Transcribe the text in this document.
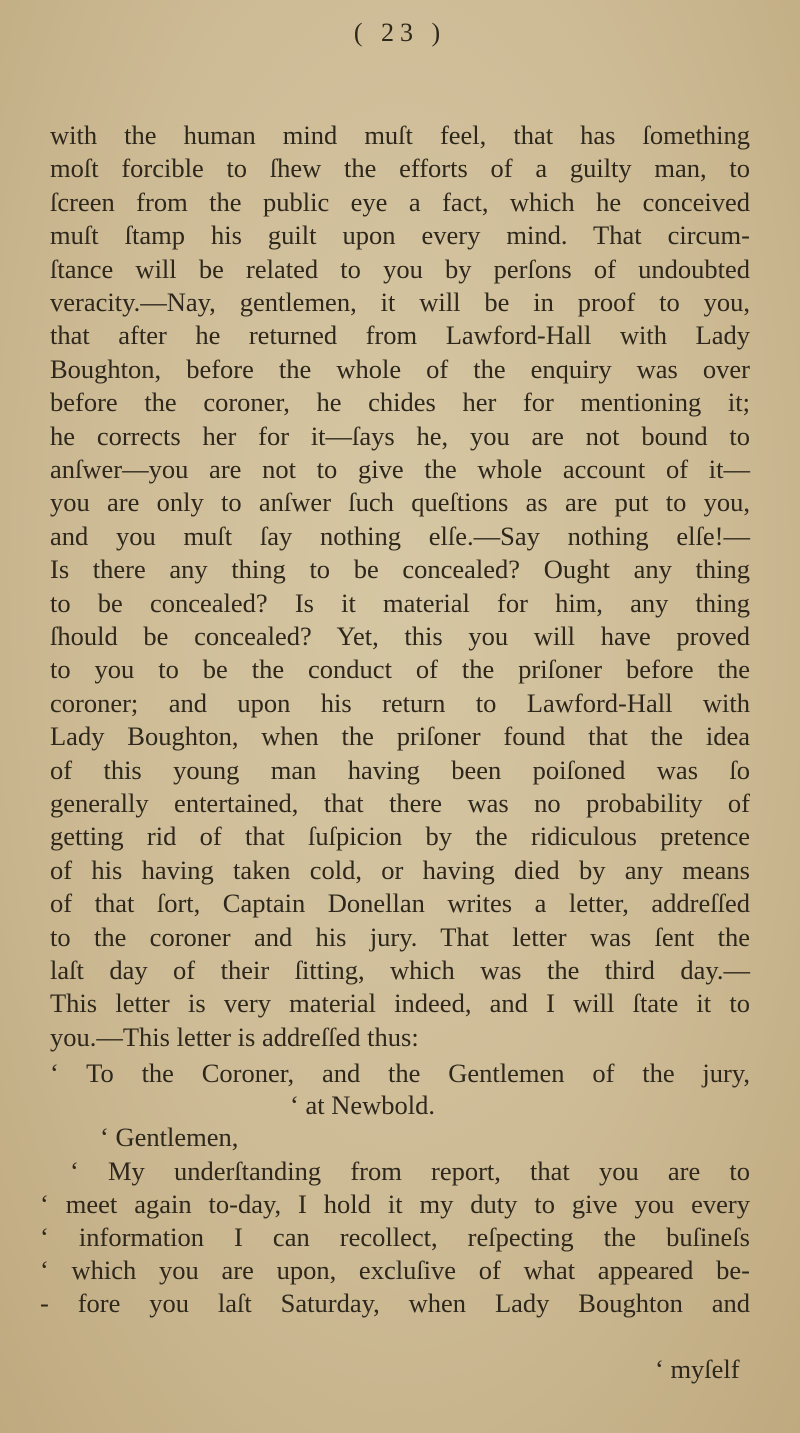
( 23 )
with the human mind muſt feel, that has ſomething
moſt forcible to ſhew the efforts of a guilty man, to
ſcreen from the public eye a fact, which he conceived
muſt ſtamp his guilt upon every mind. That circum-
ſtance will be related to you by perſons of undoubted
veracity.—Nay, gentlemen, it will be in proof to you,
that after he returned from Lawford-Hall with Lady
Boughton, before the whole of the enquiry was over
before the coroner, he chides her for mentioning it;
he corrects her for it—ſays he, you are not bound to
anſwer—you are not to give the whole account of it—
you are only to anſwer ſuch queſtions as are put to you,
and you muſt ſay nothing elſe.—Say nothing elſe!—
Is there any thing to be concealed? Ought any thing
to be concealed? Is it material for him, any thing
ſhould be concealed? Yet, this you will have proved
to you to be the conduct of the priſoner before the
coroner; and upon his return to Lawford-Hall with
Lady Boughton, when the priſoner found that the idea
of this young man having been poiſoned was ſo
generally entertained, that there was no probability of
getting rid of that ſuſpicion by the ridiculous pretence
of his having taken cold, or having died by any means
of that ſort, Captain Donellan writes a letter, addreſſed
to the coroner and his jury. That letter was ſent the
laſt day of their ſitting, which was the third day.—
This letter is very material indeed, and I will ſtate it to
you.—This letter is addreſſed thus:
‘ To the Coroner, and the Gentlemen of the jury,
‘ at Newbold.
‘ Gentlemen,
‘ My underſtanding from report, that you are to
‘ meet again to-day, I hold it my duty to give you every
‘ information I can recollect, reſpecting the buſineſs
‘ which you are upon, excluſive of what appeared be-
- fore you laſt Saturday, when Lady Boughton and
‘ myſelf
